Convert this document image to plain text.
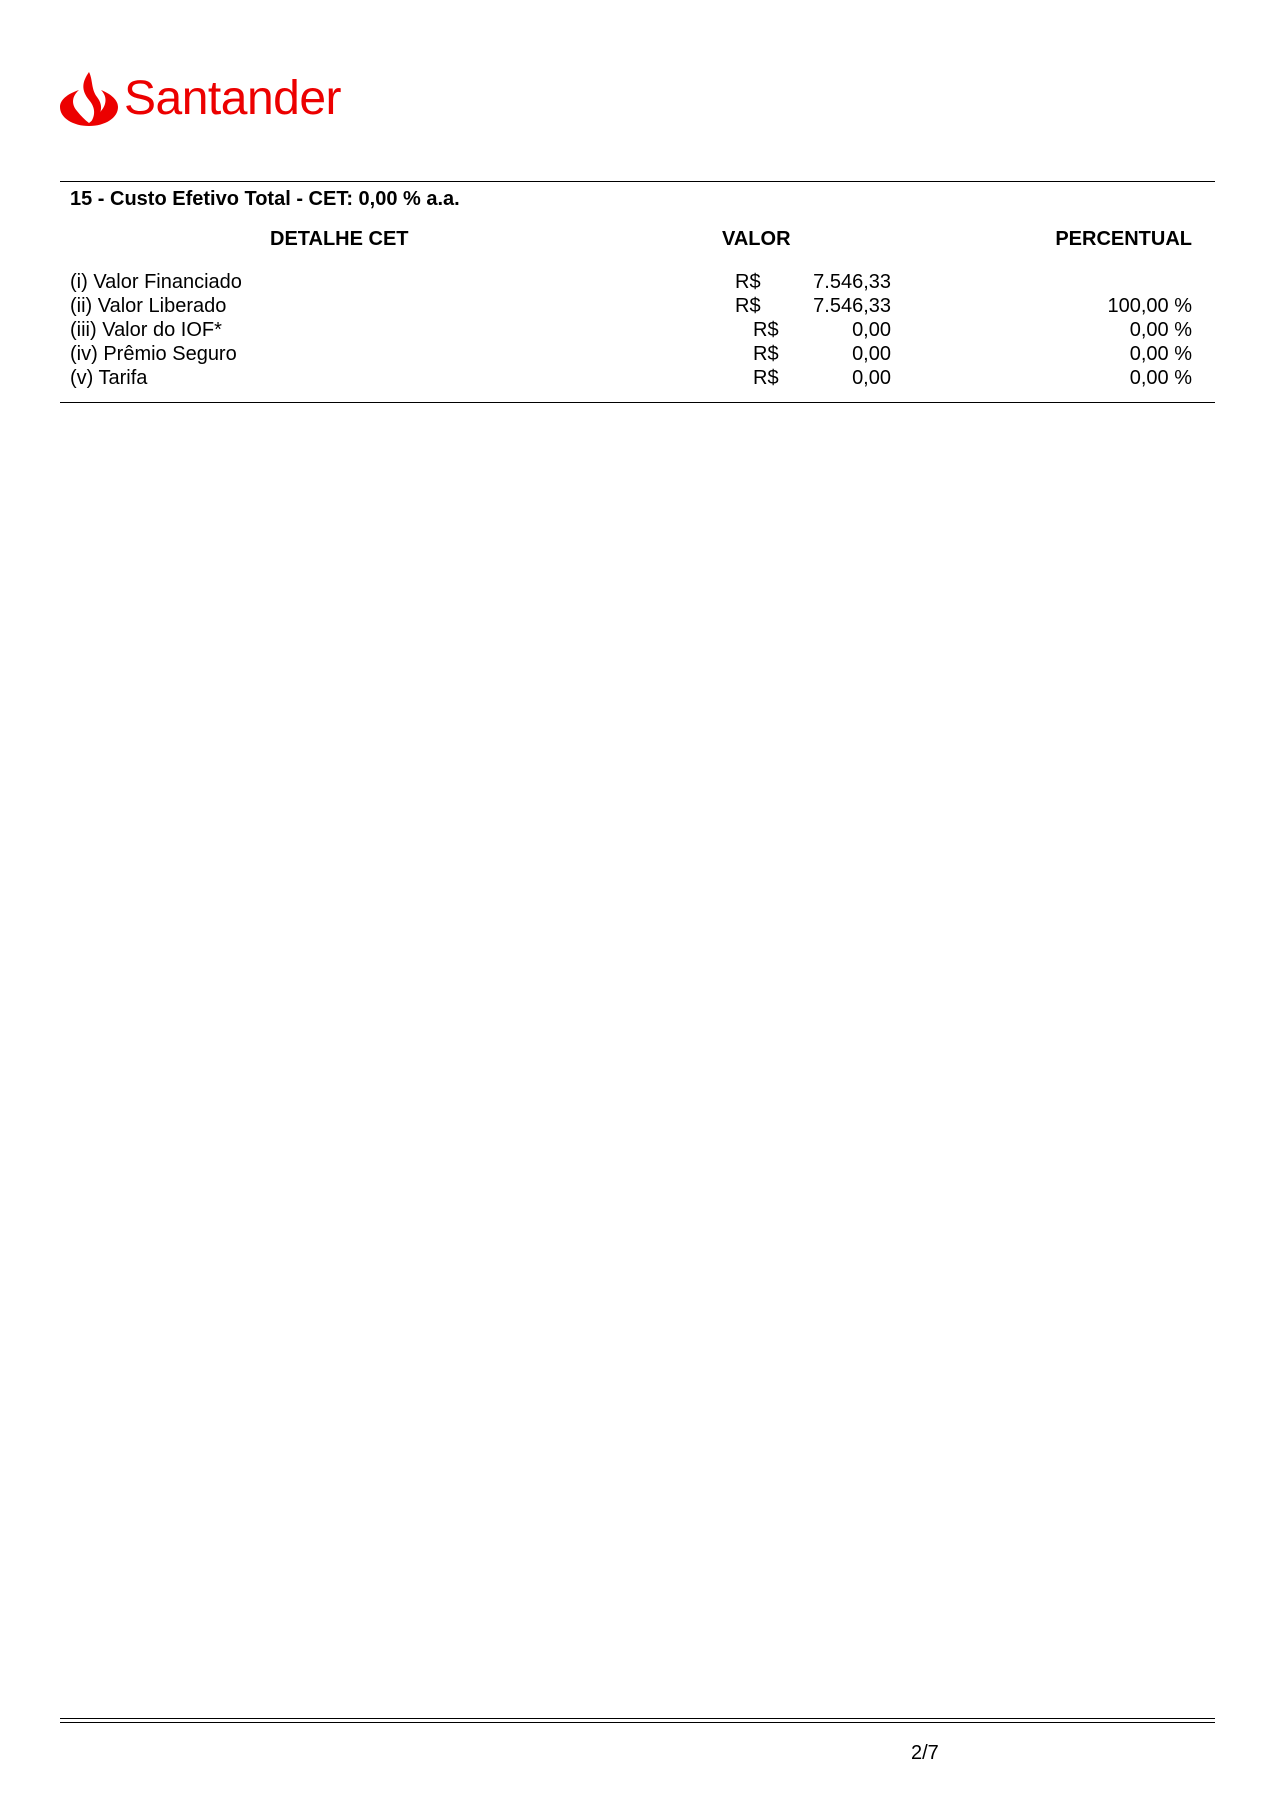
Santander
15 - Custo Efetivo Total - CET: 0,00 % a.a.
DETALHE CET	VALOR	PERCENTUAL
(i) Valor Financiado	R$	7.546,33
(ii) Valor Liberado	R$	7.546,33	100,00 %
(iii) Valor do IOF*	R$	0,00	0,00 %
(iv) Prêmio Seguro	R$	0,00	0,00 %
(v) Tarifa	R$	0,00	0,00 %
2/7
